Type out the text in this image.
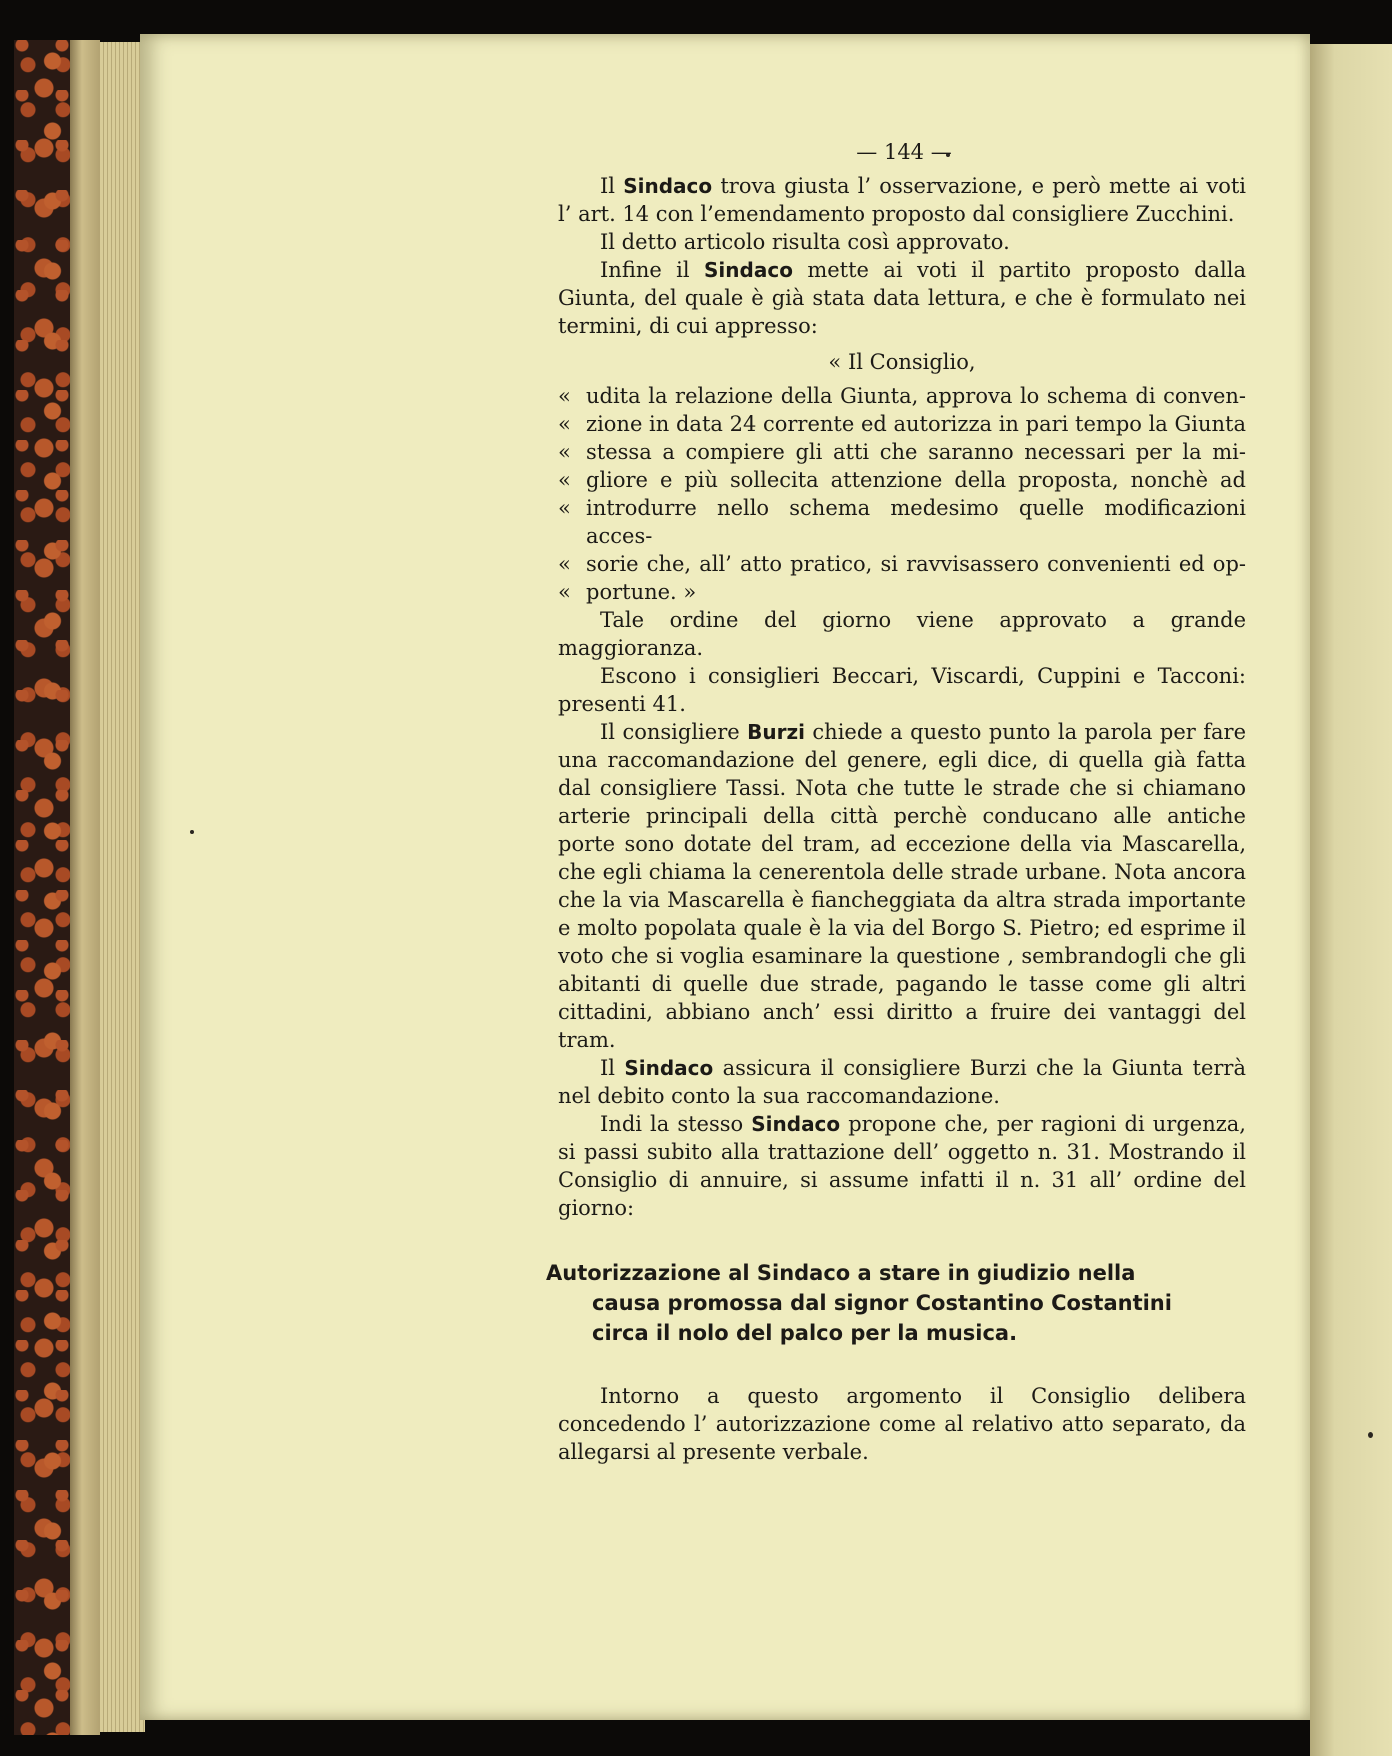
— 144 —

Il Sindaco trova giusta l’ osservazione, e però mette ai voti l’ art. 14 con l’emendamento proposto dal consigliere Zucchini.

Il detto articolo risulta così approvato.

Infine il Sindaco mette ai voti il partito proposto dalla Giunta, del quale è già stata data lettura, e che è formulato nei termini, di cui appresso:

« Il Consiglio,

« udita la relazione della Giunta, approva lo schema di conven-
« zione in data 24 corrente ed autorizza in pari tempo la Giunta
« stessa a compiere gli atti che saranno necessari per la mi-
« gliore e più sollecita attenzione della proposta, nonchè ad
« introdurre nello schema medesimo quelle modificazioni acces-
« sorie che, all’ atto pratico, si ravvisassero convenienti ed op-
« portune. »

Tale ordine del giorno viene approvato a grande maggioranza.

Escono i consiglieri Beccari, Viscardi, Cuppini e Tacconi: presenti 41.

Il consigliere Burzi chiede a questo punto la parola per fare una raccomandazione del genere, egli dice, di quella già fatta dal consigliere Tassi. Nota che tutte le strade che si chiamano arterie principali della città perchè conducano alle antiche porte sono dotate del tram, ad eccezione della via Mascarella, che egli chiama la cenerentola delle strade urbane. Nota ancora che la via Mascarella è fiancheggiata da altra strada importante e molto popolata quale è la via del Borgo S. Pietro; ed esprime il voto che si voglia esaminare la questione , sembrandogli che gli abitanti di quelle due strade, pagando le tasse come gli altri cittadini, abbiano anch’ essi diritto a fruire dei vantaggi del tram.

Il Sindaco assicura il consigliere Burzi che la Giunta terrà nel debito conto la sua raccomandazione.

Indi la stesso Sindaco propone che, per ragioni di urgenza, si passi subito alla trattazione dell’ oggetto n. 31. Mostrando il Consiglio di annuire, si assume infatti il n. 31 all’ ordine del giorno:

Autorizzazione al Sindaco a stare in giudizio nella
causa promossa dal signor Costantino Costantini
circa il nolo del palco per la musica.

Intorno a questo argomento il Consiglio delibera concedendo l’ autorizzazione come al relativo atto separato, da allegarsi al presente verbale.
